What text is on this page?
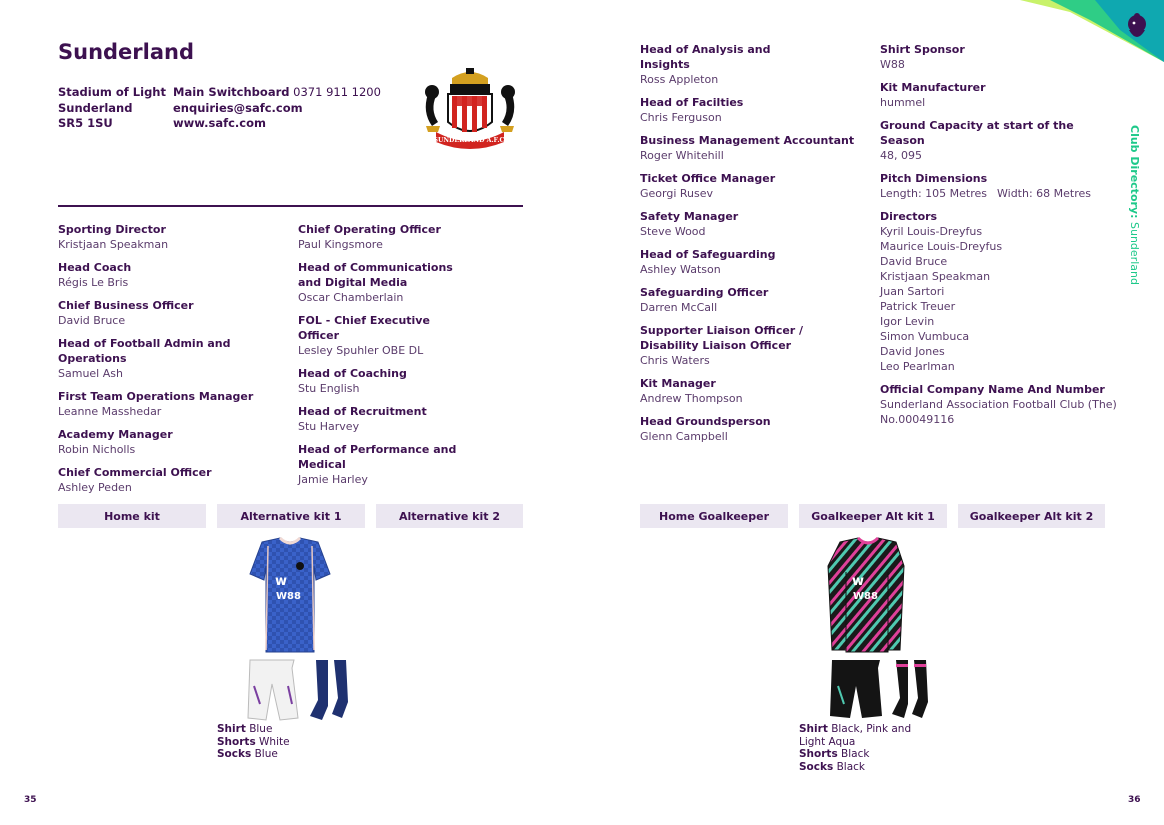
Sunderland
Stadium of Light
Sunderland
SR5 1SU
Main Switchboard 0371 911 1200
enquiries@safc.com
www.safc.com
SUNDERLAND A.F.C.
Sporting Director
Kristjaan Speakman
Head Coach
Régis Le Bris
Chief Business Officer
David Bruce
Head of Football Admin and Operations
Samuel Ash
First Team Operations Manager
Leanne Masshedar
Academy Manager
Robin Nicholls
Chief Commercial Officer
Ashley Peden
Chief Operating Officer
Paul Kingsmore
Head of Communications and Digital Media
Oscar Chamberlain
FOL - Chief Executive Officer
Lesley Spuhler OBE DL
Head of Coaching
Stu English
Head of Recruitment
Stu Harvey
Head of Performance and Medical
Jamie Harley
Head of Analysis and Insights
Ross Appleton
Head of Facilties
Chris Ferguson
Business Management Accountant
Roger Whitehill
Ticket Office Manager
Georgi Rusev
Safety Manager
Steve Wood
Head of Safeguarding
Ashley Watson
Safeguarding Officer
Darren McCall
Supporter Liaison Officer / Disability Liaison Officer
Chris Waters
Kit Manager
Andrew Thompson
Head Groundsperson
Glenn Campbell
Shirt Sponsor
W88
Kit Manufacturer
hummel
Ground Capacity at start of the Season
48, 095
Pitch Dimensions
Length: 105 Metres Width: 68 Metres
Directors
Kyril Louis-Dreyfus
Maurice Louis-Dreyfus
David Bruce
Kristjaan Speakman
Juan Sartori
Patrick Treuer
Igor Levin
Simon Vumbuca
David Jones
Leo Pearlman
Official Company Name And Number
Sunderland Association Football Club (The)
No.00049116
Club Directory: Sunderland
Home kit	Alternative kit 1	Alternative kit 2	Home Goalkeeper	Goalkeeper Alt kit 1	Goalkeeper Alt kit 2
w
W88
Shirt Blue
Shorts White
Socks Blue
w
W88
Shirt Black, Pink and
Light Aqua
Shorts Black
Socks Black
35	36
